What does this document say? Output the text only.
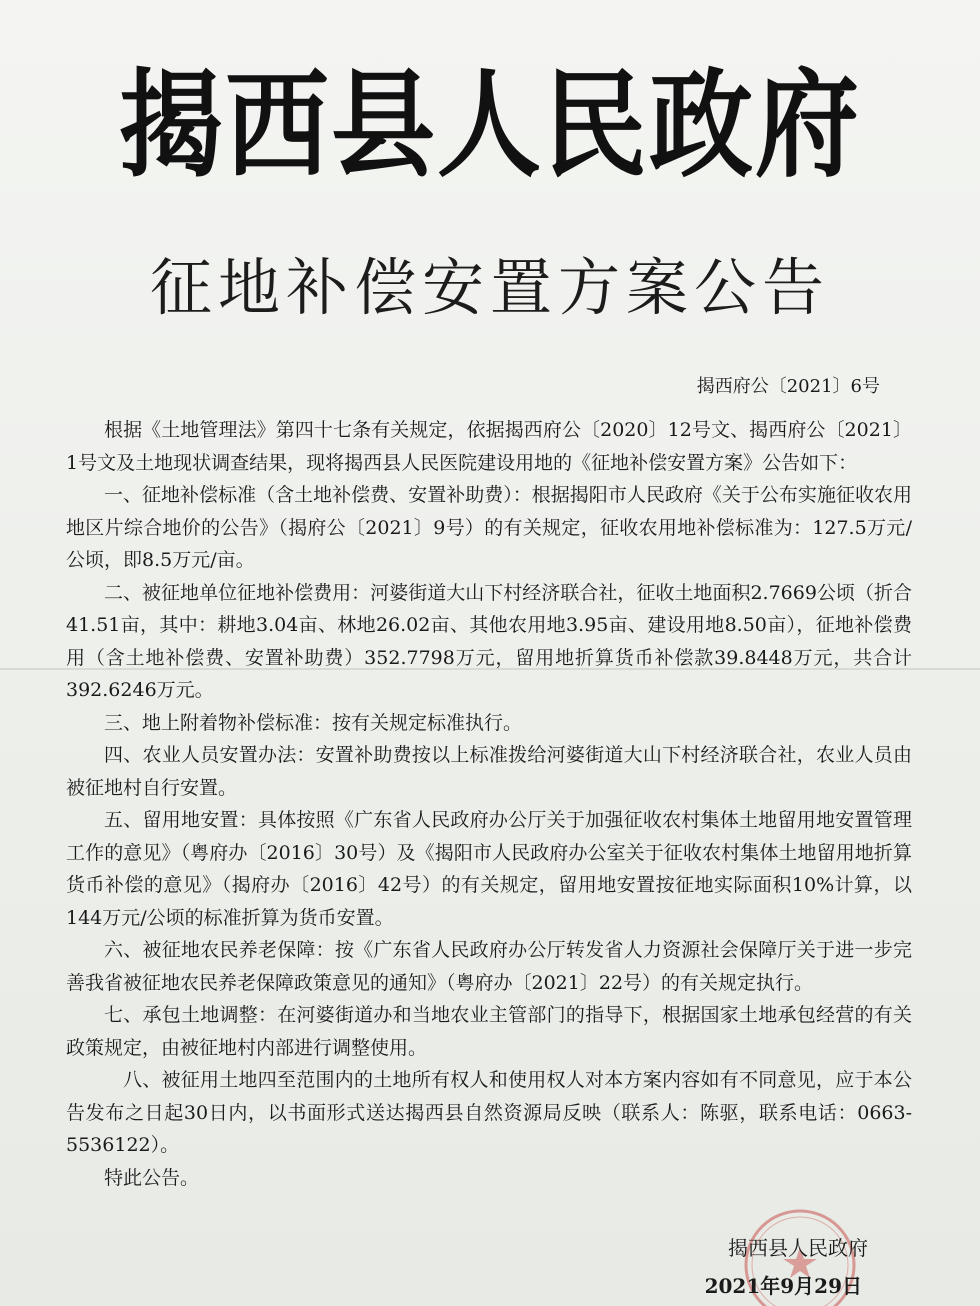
揭西县人民政府
征地补偿安置方案公告
揭西府公〔2021〕6号

根据《土地管理法》第四十七条有关规定，依据揭西府公〔2020〕12号文、揭西府公〔2021〕1号文及土地现状调查结果，现将揭西县人民医院建设用地的《征地补偿安置方案》公告如下：

一、征地补偿标准（含土地补偿费、安置补助费）：根据揭阳市人民政府《关于公布实施征收农用地区片综合地价的公告》（揭府公〔2021〕9号）的有关规定，征收农用地补偿标准为：127.5万元/公顷，即8.5万元/亩。

二、被征地单位征地补偿费用：河婆街道大山下村经济联合社，征收土地面积2.7669公顷（折合41.51亩，其中：耕地3.04亩、林地26.02亩、其他农用地3.95亩、建设用地8.50亩），征地补偿费用（含土地补偿费、安置补助费）352.7798万元，留用地折算货币补偿款39.8448万元，共合计392.6246万元。

三、地上附着物补偿标准：按有关规定标准执行。

四、农业人员安置办法：安置补助费按以上标准拨给河婆街道大山下村经济联合社，农业人员由被征地村自行安置。

五、留用地安置：具体按照《广东省人民政府办公厅关于加强征收农村集体土地留用地安置管理工作的意见》（粤府办〔2016〕30号）及《揭阳市人民政府办公室关于征收农村集体土地留用地折算货币补偿的意见》（揭府办〔2016〕42号）的有关规定，留用地安置按征地实际面积10%计算，以144万元/公顷的标准折算为货币安置。

六、被征地农民养老保障：按《广东省人民政府办公厅转发省人力资源社会保障厅关于进一步完善我省被征地农民养老保障政策意见的通知》（粤府办〔2021〕22号）的有关规定执行。

七、承包土地调整：在河婆街道办和当地农业主管部门的指导下，根据国家土地承包经营的有关政策规定，由被征地村内部进行调整使用。

八、被征用土地四至范围内的土地所有权人和使用权人对本方案内容如有不同意见，应于本公告发布之日起30日内，以书面形式送达揭西县自然资源局反映（联系人：陈驱，联系电话：0663-5536122）。

特此公告。

揭西县人民政府
2021年9月29日
